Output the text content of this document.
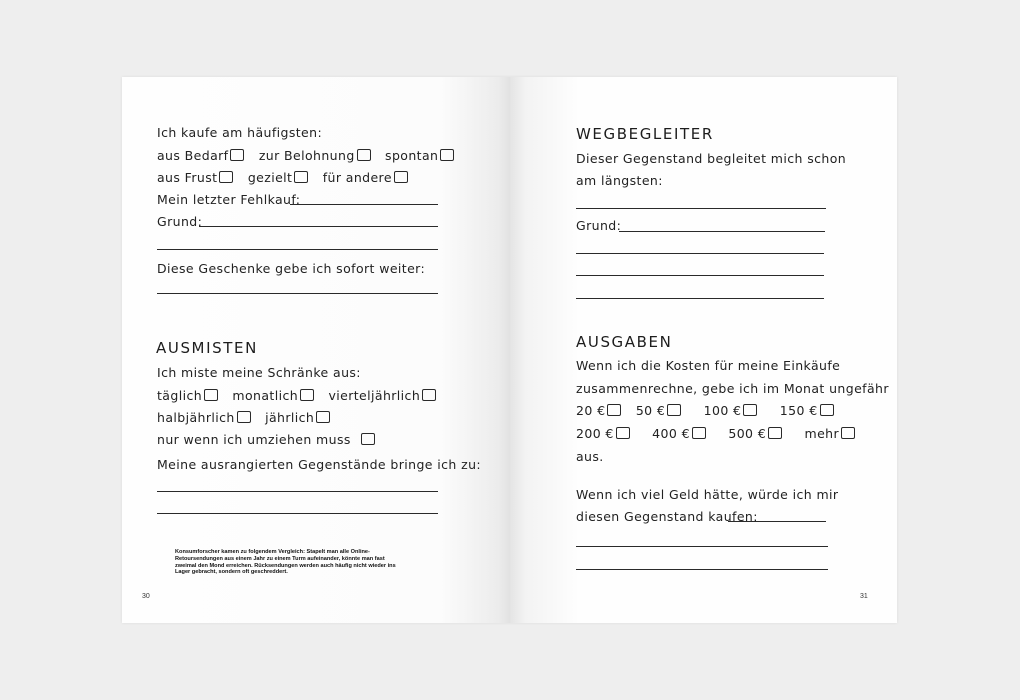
Ich kaufe am häufigsten:
aus Bedarf zur Belohnung spontan
aus Frust gezielt für andere
Mein letzter Fehlkauf:
Grund:
Diese Geschenke gebe ich sofort weiter:
AUSMISTEN
Ich miste meine Schränke aus:
täglich monatlich vierteljährlich
halbjährlich jährlich
nur wenn ich umziehen muss
Meine ausrangierten Gegenstände bringe ich zu:
Konsumforscher kamen zu folgendem Vergleich: Stapelt man alle Online-Retoursendungen aus einem Jahr zu einem Turm aufeinander, könnte man fast zweimal den Mond erreichen. Rücksendungen werden auch häufig nicht wieder ins Lager gebracht, sondern oft geschreddert.
30
WEGBEGLEITER
Dieser Gegenstand begleitet mich schon
am längsten:
Grund:
AUSGABEN
Wenn ich die Kosten für meine Einkäufe
zusammenrechne, gebe ich im Monat ungefähr
20 € 50 €	100 €	150 €
200 €	400 €	500 €	mehr
aus.
Wenn ich viel Geld hätte, würde ich mir
diesen Gegenstand kaufen:
31
